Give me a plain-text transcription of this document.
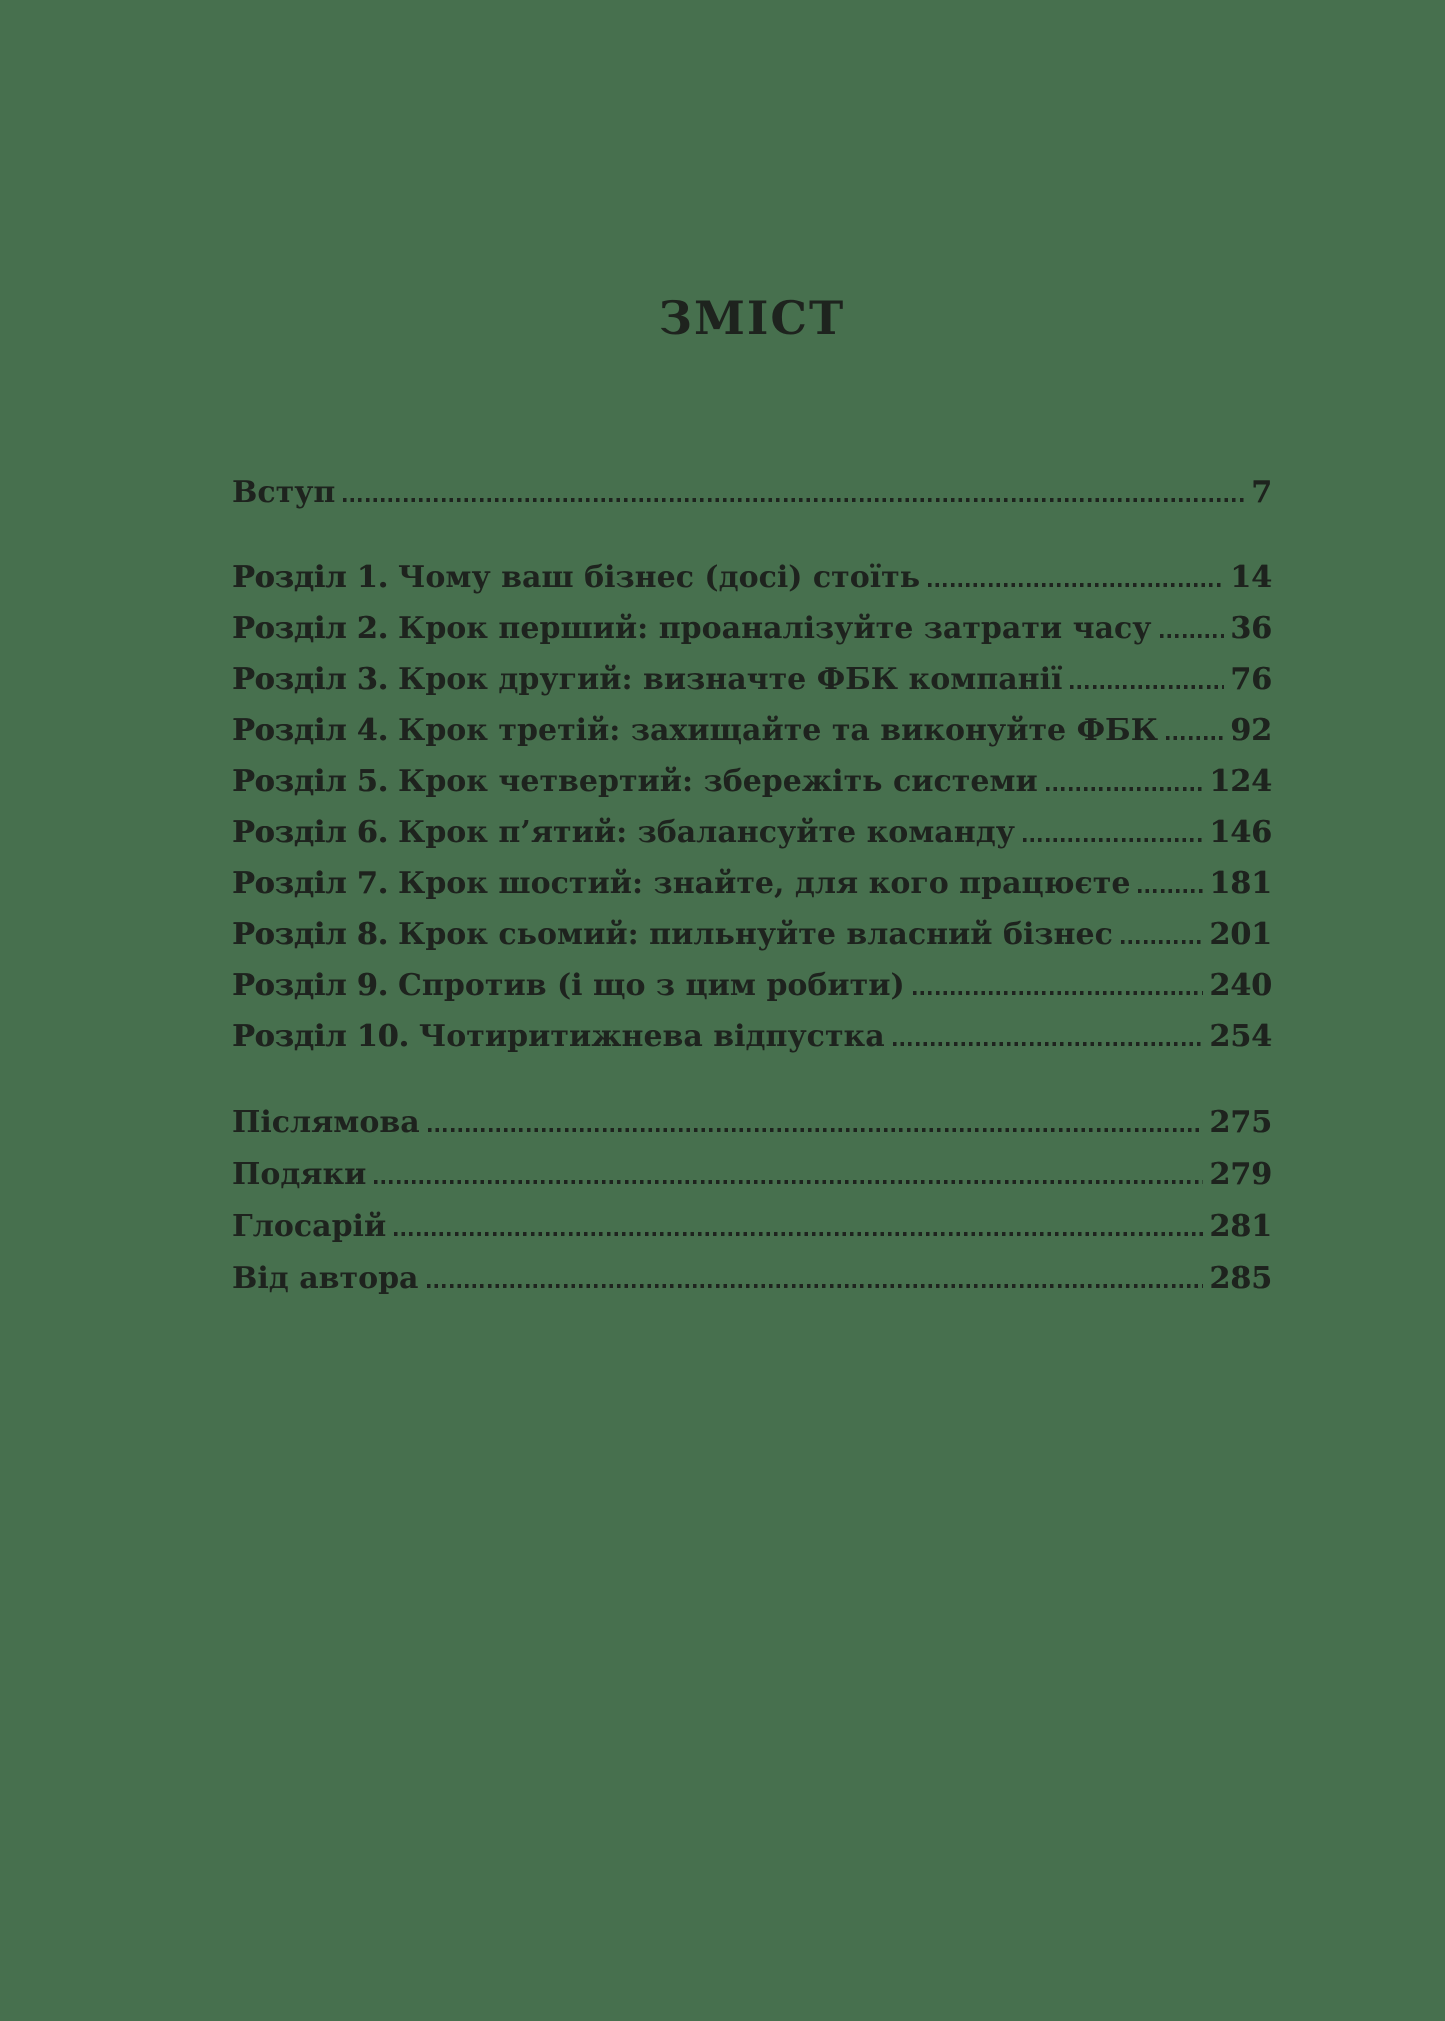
ЗМІСТ
Вступ	7
Розділ 1. Чому ваш бізнес (досі) стоїть	14
Розділ 2. Крок перший: проаналізуйте затрати часу	36
Розділ 3. Крок другий: визначте ФБК компанії	76
Розділ 4. Крок третій: захищайте та виконуйте ФБК 92
Розділ 5. Крок четвертий: збережіть системи	124
Розділ 6. Крок п’ятий: збалансуйте команду	146
Розділ 7. Крок шостий: знайте, для кого працюєте	181
Розділ 8. Крок сьомий: пильнуйте власний бізнес	201
Розділ 9. Спротив (і що з цим робити)	240
Розділ 10. Чотиритижнева відпустка	254
Післямова	275
Подяки	279
Глосарій	281
Від автора	285
